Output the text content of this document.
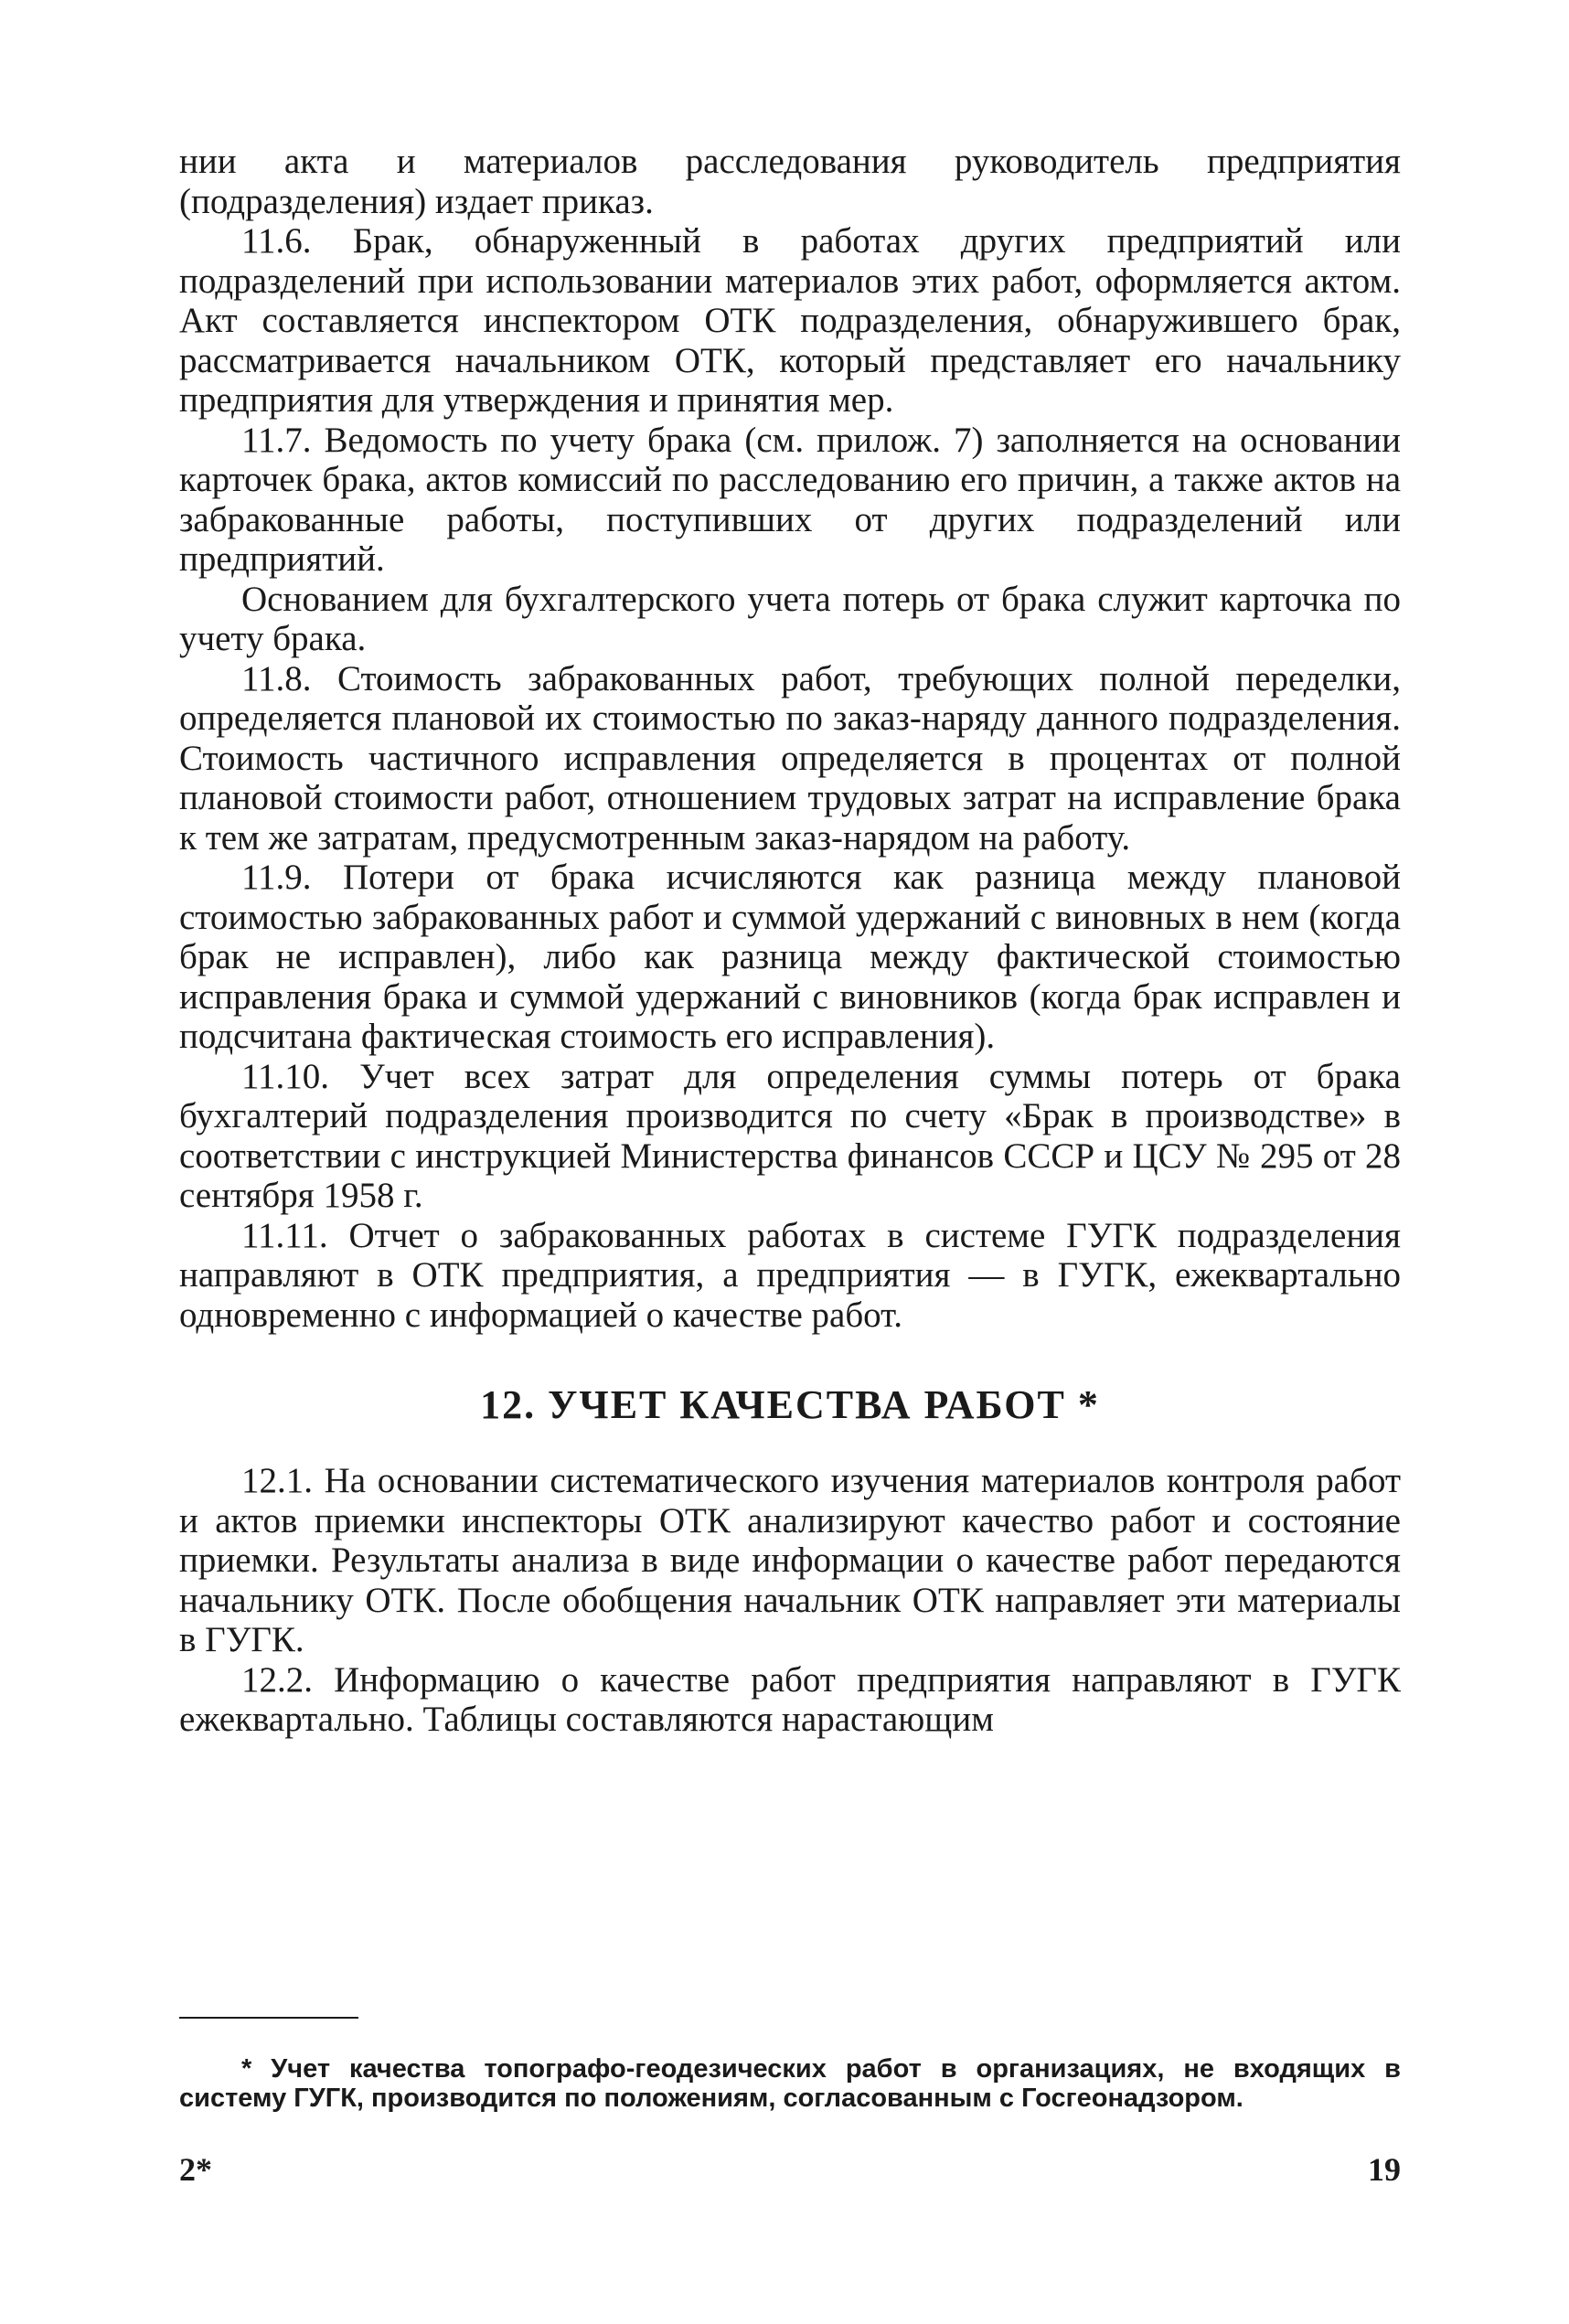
нии акта и материалов расследования руководитель предприятия (подразделения) издает приказ.

11.6. Брак, обнаруженный в работах других предприятий или подразделений при использовании материалов этих работ, оформляется актом. Акт составляется инспектором ОТК подразделения, обнаружившего брак, рассматривается начальником ОТК, который представляет его начальнику предприятия для утверждения и принятия мер.

11.7. Ведомость по учету брака (см. прилож. 7) заполняется на основании карточек брака, актов комиссий по расследованию его причин, а также актов на забракованные работы, поступивших от других подразделений или предприятий.

Основанием для бухгалтерского учета потерь от брака служит карточка по учету брака.

11.8. Стоимость забракованных работ, требующих полной переделки, определяется плановой их стоимостью по заказ-наряду данного подразделения. Стоимость частичного исправления определяется в процентах от полной плановой стоимости работ, отношением трудовых затрат на исправление брака к тем же затратам, предусмотренным заказ-нарядом на работу.

11.9. Потери от брака исчисляются как разница между плановой стоимостью забракованных работ и суммой удержаний с виновных в нем (когда брак не исправлен), либо как разница между фактической стоимостью исправления брака и суммой удержаний с виновников (когда брак исправлен и подсчитана фактическая стоимость его исправления).

11.10. Учет всех затрат для определения суммы потерь от брака бухгалтерий подразделения производится по счету «Брак в производстве» в соответствии с инструкцией Министерства финансов СССР и ЦСУ № 295 от 28 сентября 1958 г.

11.11. Отчет о забракованных работах в системе ГУГК подразделения направляют в ОТК предприятия, а предприятия — в ГУГК, ежеквартально одновременно с информацией о качестве работ.

12. УЧЕТ КАЧЕСТВА РАБОТ *

12.1. На основании систематического изучения материалов контроля работ и актов приемки инспекторы ОТК анализируют качество работ и состояние приемки. Результаты анализа в виде информации о качестве работ передаются начальнику ОТК. После обобщения начальник ОТК направляет эти материалы в ГУГК.

12.2. Информацию о качестве работ предприятия направляют в ГУГК ежеквартально. Таблицы составляются нарастающим

* Учет качества топографо-геодезических работ в организациях, не входящих в систему ГУГК, производится по положениям, согласованным с Госгеонадзором.

2*	19
